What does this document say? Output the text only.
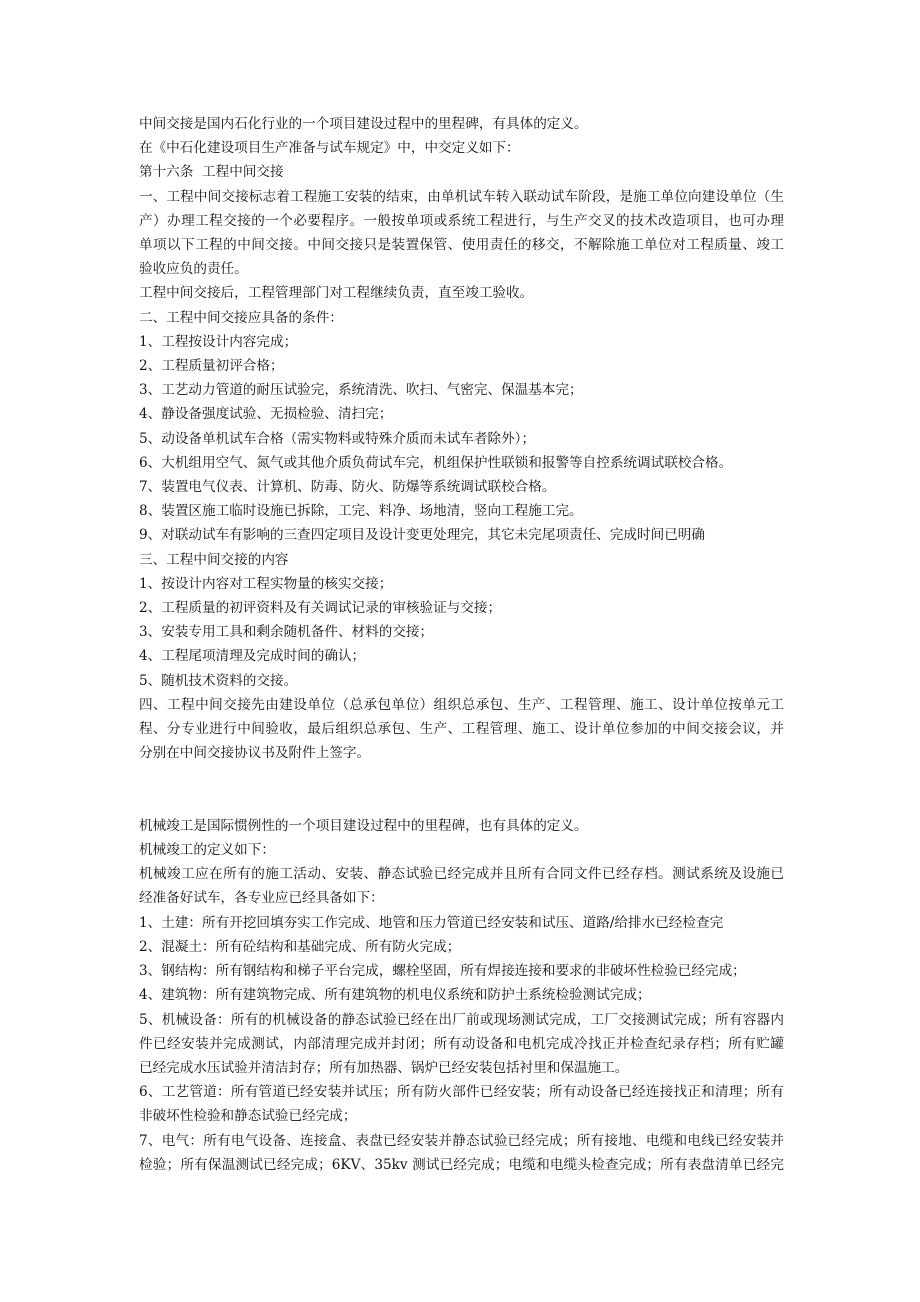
中间交接是国内石化行业的一个项目建设过程中的里程碑，有具体的定义。

在《中石化建设项目生产准备与试车规定》中，中交定义如下：

第十六条  工程中间交接

一、工程中间交接标志着工程施工安装的结束，由单机试车转入联动试车阶段，是施工单位向建设单位（生

产）办理工程交接的一个必要程序。一般按单项或系统工程进行，与生产交叉的技术改造项目，也可办理

单项以下工程的中间交接。中间交接只是装置保管、使用责任的移交，不解除施工单位对工程质量、竣工

验收应负的责任。

工程中间交接后，工程管理部门对工程继续负责，直至竣工验收。

二、工程中间交接应具备的条件：

1、工程按设计内容完成；

2、工程质量初评合格；

3、工艺动力管道的耐压试验完，系统清洗、吹扫、气密完、保温基本完；

4、静设备强度试验、无损检验、清扫完；

5、动设备单机试车合格（需实物料或特殊介质而未试车者除外）；

6、大机组用空气、氮气或其他介质负荷试车完，机组保护性联锁和报警等自控系统调试联校合格。

7、装置电气仪表、计算机、防毒、防火、防爆等系统调试联校合格。

8、装置区施工临时设施已拆除，工完、料净、场地清，竖向工程施工完。

9、对联动试车有影响的三查四定项目及设计变更处理完，其它未完尾项责任、完成时间已明确

三、工程中间交接的内容

1、按设计内容对工程实物量的核实交接；

2、工程质量的初评资料及有关调试记录的审核验证与交接；

3、安装专用工具和剩余随机备件、材料的交接；

4、工程尾项清理及完成时间的确认；

5、随机技术资料的交接。

四、工程中间交接先由建设单位（总承包单位）组织总承包、生产、工程管理、施工、设计单位按单元工

程、分专业进行中间验收，最后组织总承包、生产、工程管理、施工、设计单位参加的中间交接会议，并

分别在中间交接协议书及附件上签字。

机械竣工是国际惯例性的一个项目建设过程中的里程碑，也有具体的定义。

机械竣工的定义如下：

机械竣工应在所有的施工活动、安装、静态试验已经完成并且所有合同文件已经存档。测试系统及设施已

经准备好试车，各专业应已经具备如下：

1、土建：所有开挖回填夯实工作完成、地管和压力管道已经安装和试压、道路/给排水已经检查完

2、混凝土：所有砼结构和基础完成、所有防火完成；

3、钢结构：所有钢结构和梯子平台完成，螺栓坚固，所有焊接连接和要求的非破坏性检验已经完成；

4、建筑物：所有建筑物完成、所有建筑物的机电仪系统和防护土系统检验测试完成；

5、机械设备：所有的机械设备的静态试验已经在出厂前或现场测试完成，工厂交接测试完成；所有容器内

件已经安装并完成测试，内部清理完成并封闭；所有动设备和电机完成冷找正并检查纪录存档；所有贮罐

已经完成水压试验并清洁封存；所有加热器、锅炉已经安装包括衬里和保温施工。

6、工艺管道：所有管道已经安装并试压；所有防火部件已经安装；所有动设备已经连接找正和清理；所有

非破坏性检验和静态试验已经完成；

7、电气：所有电气设备、连接盒、表盘已经安装并静态试验已经完成；所有接地、电缆和电线已经安装并

检验；所有保温测试已经完成；6KV、35kv 测试已经完成；电缆和电缆头检查完成；所有表盘清单已经完
